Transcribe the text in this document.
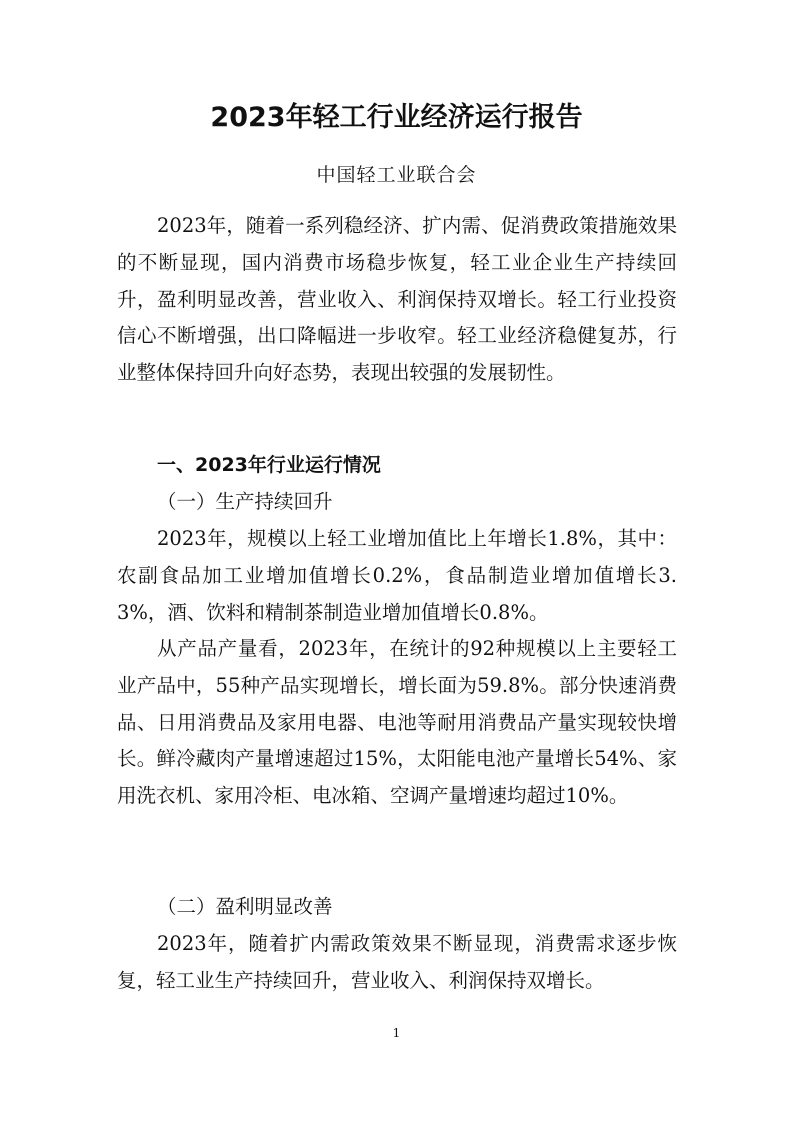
2023年轻工行业经济运行报告
中国轻工业联合会

2023年，随着一系列稳经济、扩内需、促消费政策措施效果的不断显现，国内消费市场稳步恢复，轻工业企业生产持续回升，盈利明显改善，营业收入、利润保持双增长。轻工行业投资信心不断增强，出口降幅进一步收窄。轻工业经济稳健复苏，行业整体保持回升向好态势，表现出较强的发展韧性。

一、2023年行业运行情况

（一）生产持续回升

2023年，规模以上轻工业增加值比上年增长1.8%，其中：农副食品加工业增加值增长0.2%，食品制造业增加值增长3.3%，酒、饮料和精制茶制造业增加值增长0.8%。

从产品产量看，2023年，在统计的92种规模以上主要轻工业产品中，55种产品实现增长，增长面为59.8%。部分快速消费品、日用消费品及家用电器、电池等耐用消费品产量实现较快增长。鲜冷藏肉产量增速超过15%，太阳能电池产量增长54%、家用洗衣机、家用冷柜、电冰箱、空调产量增速均超过10%。

（二）盈利明显改善

2023年，随着扩内需政策效果不断显现，消费需求逐步恢复，轻工业生产持续回升，营业收入、利润保持双增长。

1
